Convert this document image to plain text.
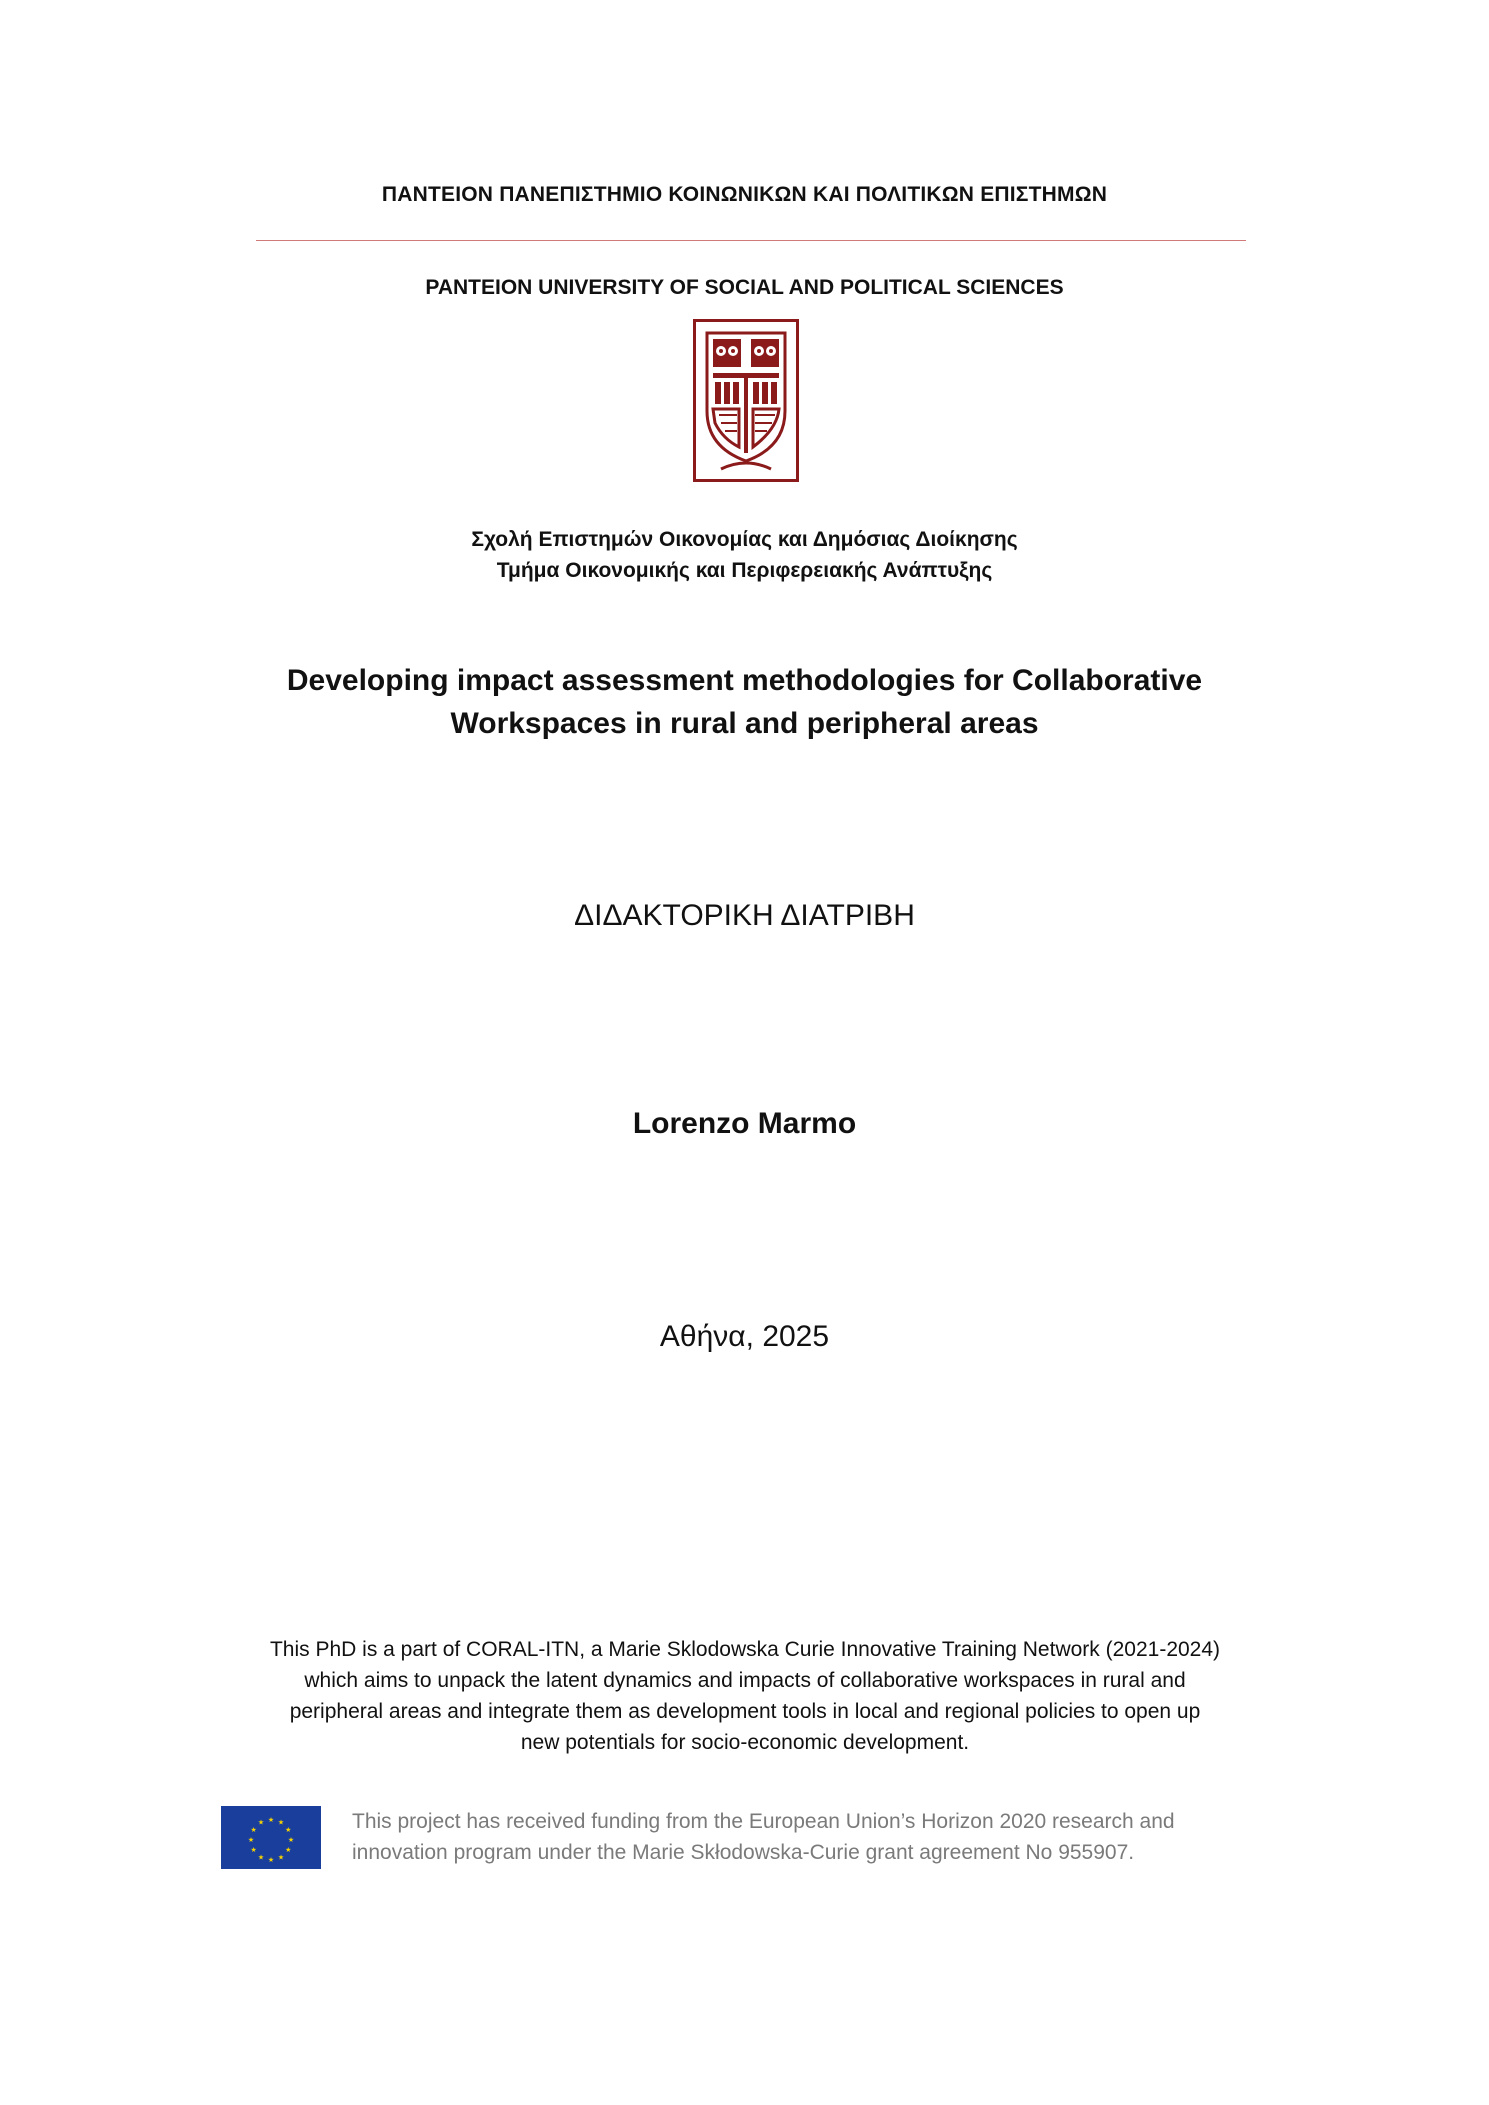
ΠΑΝΤΕΙΟΝ ΠΑΝΕΠΙΣΤΗΜΙΟ ΚΟΙΝΩΝΙΚΩΝ ΚΑΙ ΠΟΛΙΤΙΚΩΝ ΕΠΙΣΤΗΜΩΝ

PANTEION UNIVERSITY OF SOCIAL AND POLITICAL SCIENCES

Σχολή Επιστημών Οικονομίας και Δημόσιας Διοίκησης

Τμήμα Οικονομικής και Περιφερειακής Ανάπτυξης

Developing impact assessment methodologies for Collaborative

Workspaces in rural and peripheral areas

ΔΙΔΑΚΤΟΡΙΚΗ ΔΙΑΤΡΙΒΗ

Lorenzo Marmo

Αθήνα, 2025

This PhD is a part of CORAL-ITN, a Marie Sklodowska Curie Innovative Training Network (2021-2024)
which aims to unpack the latent dynamics and impacts of collaborative workspaces in rural and
peripheral areas and integrate them as development tools in local and regional policies to open up
new potentials for socio-economic development.

★ ★
★
★
★
★
★
★
★
★
★
★	This project has received funding from the European Union’s Horizon 2020 research and
innovation program under the Marie Skłodowska-Curie grant agreement No 955907.
